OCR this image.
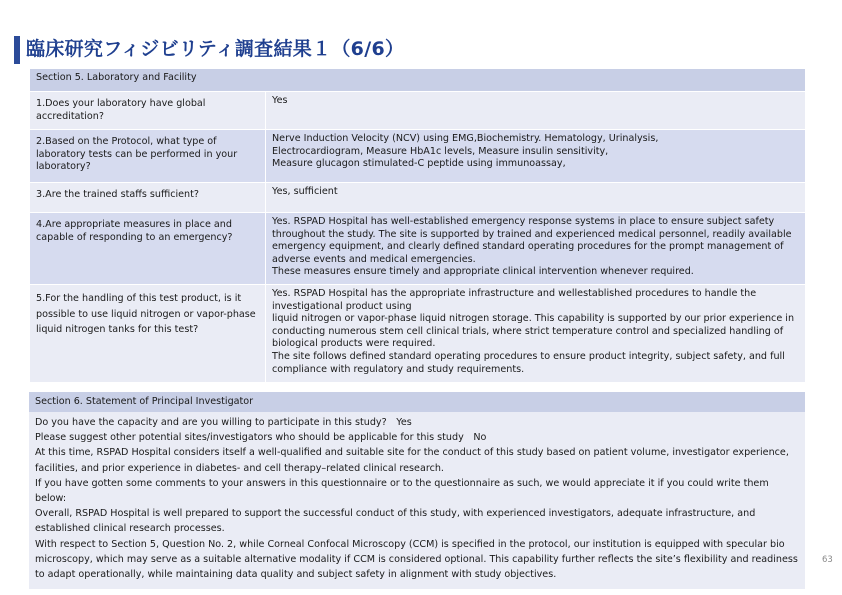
臨床研究フィジビリティ調査結果１（6/6）
Section 5. Laboratory and Facility	
1.Does your laboratory have global accreditation?	Yes
2.Based on the Protocol, what type of laboratory tests can be performed in your laboratory?	Nerve Induction Velocity (NCV) using EMG,Biochemistry. Hematology, Urinalysis,
Electrocardiogram, Measure HbA1c levels, Measure insulin sensitivity,
Measure glucagon stimulated-C peptide using immunoassay,
3.Are the trained staffs sufficient?	Yes, sufficient
4.Are appropriate measures in place and capable of responding to an emergency?	Yes. RSPAD Hospital has well-established emergency response systems in place to ensure subject safety throughout the study. The site is supported by trained and experienced medical personnel, readily available emergency equipment, and clearly defined standard operating procedures for the prompt management of adverse events and medical emergencies.
These measures ensure timely and appropriate clinical intervention whenever required.
5.For the handling of this test product, is it possible to use liquid nitrogen or vapor-phase liquid nitrogen tanks for this test?	Yes. RSPAD Hospital has the appropriate infrastructure and wellestablished procedures to handle the investigational product using
liquid nitrogen or vapor-phase liquid nitrogen storage. This capability is supported by our prior experience in conducting numerous stem cell clinical trials, where strict temperature control and specialized handling of biological products were required.
The site follows defined standard operating procedures to ensure product integrity, subject safety, and full compliance with regulatory and study requirements.
Section 6. Statement of Principal Investigator

Do you have the capacity and are you willing to participate in this study?　Yes

Please suggest other potential sites/investigators who should be applicable for this study　No

At this time, RSPAD Hospital considers itself a well-qualified and suitable site for the conduct of this study based on patient volume, investigator experience, facilities, and prior experience in diabetes- and cell therapy–related clinical research.

If you have gotten some comments to your answers in this questionnaire or to the questionnaire as such, we would appreciate it if you could write them below:

Overall, RSPAD Hospital is well prepared to support the successful conduct of this study, with experienced investigators, adequate infrastructure, and established clinical research processes.

With respect to Section 5, Question No. 2, while Corneal Confocal Microscopy (CCM) is specified in the protocol, our institution is equipped with specular bio microscopy, which may serve as a suitable alternative modality if CCM is considered optional. This capability further reflects the site’s flexibility and readiness to adapt operationally, while maintaining data quality and subject safety in alignment with study objectives.

63
